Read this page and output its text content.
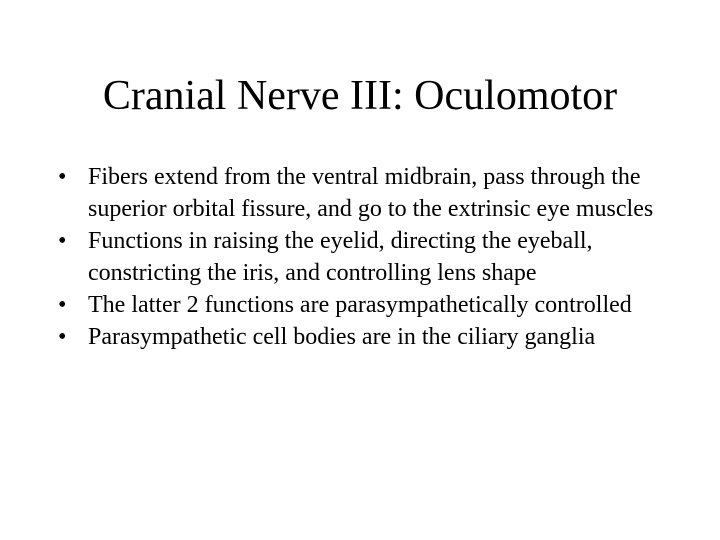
Cranial Nerve III: Oculomotor
• Fibers extend from the ventral midbrain, pass through the superior orbital fissure, and go to the extrinsic eye muscles
• Functions in raising the eyelid, directing the eyeball, constricting the iris, and controlling lens shape
• The latter 2 functions are parasympathetically controlled
• Parasympathetic cell bodies are in the ciliary ganglia
